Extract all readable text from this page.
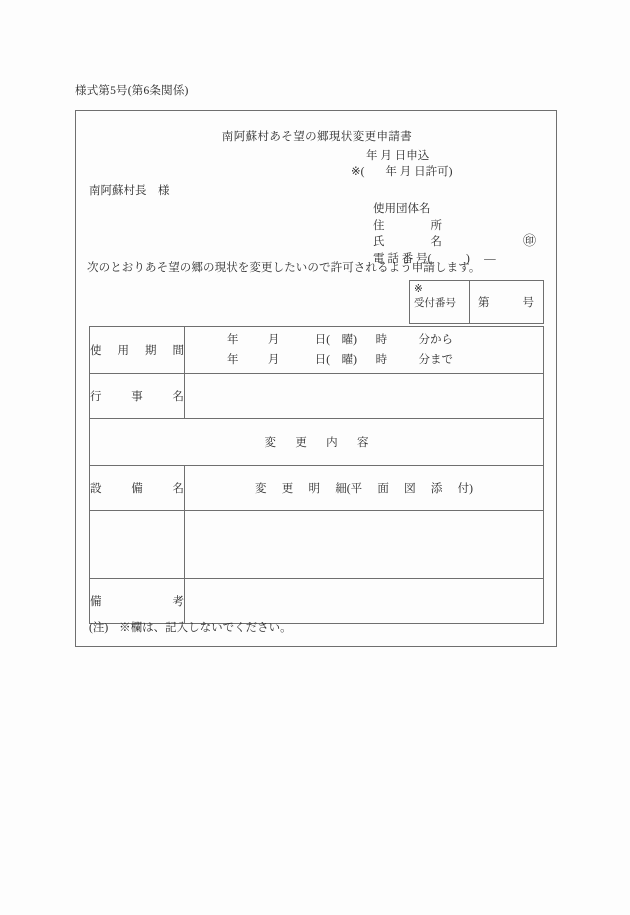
様式第5号(第6条関係)
南阿蘇村あそ望の郷現状変更申請書
年 月 日申込
※( 年 月 日許可)
南阿蘇村長　様
使用団体名
住　　　　所
氏　　　　名
電 話 番 号(　　　) 　―
㊞
次のとおりあそ望の郷の現状を変更したいので許可されるよう申請します。
※
受付番号	第	号
使 用 期 間

年	月	日(　曜) 時	分から
年	月	日(　曜) 時	分まで

行 事 名	

変 更 内 容	

設	備	名	変 更 明 細(平 面 図 添 付)

備 考	

(注) ※欄は、記入しないでください。
